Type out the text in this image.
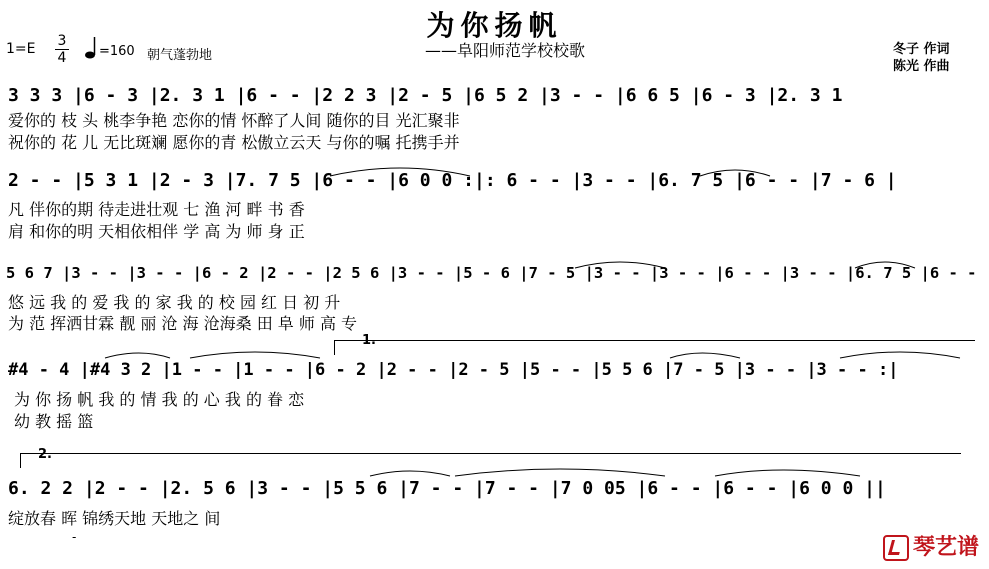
为你扬帆
——阜阳师范学校校歌
$1=E \frac{3}{4} =160$ 朝气蓬勃地	冬子 作词
陈光 作曲
3 3 3 |6 - 3 |2. 3 1 |6 - - |2 2 3 |2 - 5 |6 5 2 |3 - - |6 6 5 |6 - 3 |2. 3 1
爱你的 枝 头 桃李争艳 恋你的情 怀醉了人间 随你的目 光汇聚非
祝你的 花 儿 无比斑斓 愿你的青 松傲立云天 与你的嘱 托携手并
2 - - |5 3 1 |2 - 3 |7. 7 5 |6 - - |6 0 0 :|: 6 - - |3 - - |6. 7 5 |6 - - |7 - 6 |
凡 伴你的期 待走进壮观 七 渔 河 畔 书 香
肩 和你的明 天相依相伴 学 高 为 师 身 正
5 6 7 |3 - - |3 - - |6 - 2 |2 - - |2 5 6 |3 - - |5 - 6 |7 - 5 |3 - - |3 - - |6 - - |3 - - |6. 7 5 |6 - -
悠 远 我 的 爱 我 的 家 我 的 校 园 红 日 初 升
为 范 挥洒甘霖 靓 丽 沧 海 沧海桑 田 阜 师 高 专
1.
#4 - 4 |#4 3 2 |1 - - |1 - - |6 - 2 |2 - - |2 - 5 |5 - - |5 5 6 |7 - 5 |3 - - |3 - - :|
为 你 扬 帆 我 的 情 我 的 心 我 的 眷 恋
幼 教 摇 篮
2.
6. 2 2 |2 - - |2. 5 6 |3 - - |5 5 6 |7 - - |7 - - |7 0 05 |6 - - |6 - - |6 0 0 ||
绽放春 晖 锦绣天地 天地之 间
-	琴艺谱
